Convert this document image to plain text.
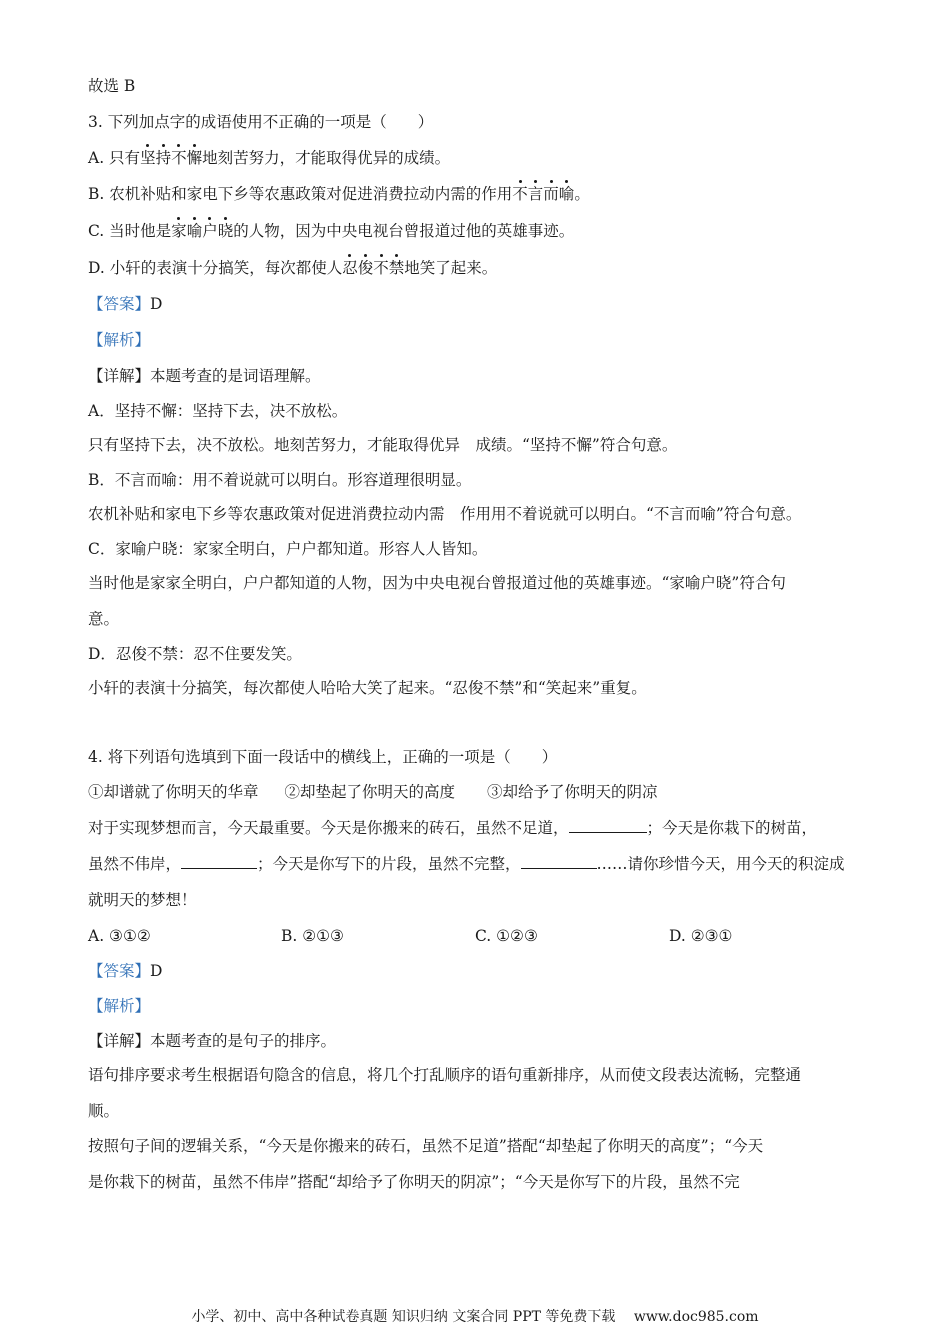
故选 B
3. 下列加点字的成语使用不正确的一项是（　　）
A. 只有坚持不懈地刻苦努力，才能取得优异的成绩。
B. 农机补贴和家电下乡等农惠政策对促进消费拉动内需的作用不言而喻。
C. 当时他是家喻户晓的人物，因为中央电视台曾报道过他的英雄事迹。
D. 小轩的表演十分搞笑，每次都使人忍俊不禁地笑了起来。
【答案】D
【解析】
【详解】本题考查的是词语理解。
A．坚持不懈：坚持下去，决不放松。
只有坚持下去，决不放松。地刻苦努力，才能取得优异　成绩。“坚持不懈”符合句意。
B．不言而喻：用不着说就可以明白。形容道理很明显。
农机补贴和家电下乡等农惠政策对促进消费拉动内需　作用用不着说就可以明白。“不言而喻”符合句意。
C．家喻户晓：家家全明白，户户都知道。形容人人皆知。
当时他是家家全明白，户户都知道的人物，因为中央电视台曾报道过他的英雄事迹。“家喻户晓”符合句
意。
D．忍俊不禁：忍不住要发笑。
小轩的表演十分搞笑，每次都使人哈哈大笑了起来。“忍俊不禁”和“笑起来”重复。
4. 将下列语句选填到下面一段话中的横线上，正确的一项是（　　）
①却谱就了你明天的华章 ②却垫起了你明天的高度 ③却给予了你明天的阴凉
对于实现梦想而言，今天最重要。今天是你搬来的砖石，虽然不足道，	；今天是你栽下的树苗，
虽然不伟岸，	；今天是你写下的片段，虽然不完整，	……请你珍惜今天，用今天的积淀成
就明天的梦想！
A. ③①②	B. ②①③	C. ①②③	D. ②③①
【答案】D
【解析】
【详解】本题考查的是句子的排序。
语句排序要求考生根据语句隐含的信息，将几个打乱顺序的语句重新排序，从而使文段表达流畅，完整通
顺。
按照句子间的逻辑关系，“今天是你搬来的砖石，虽然不足道”搭配“却垫起了你明天的高度”；“今天
是你栽下的树苗，虽然不伟岸”搭配“却给予了你明天的阴凉”；“今天是你写下的片段，虽然不完
小学、初中、高中各种试卷真题 知识归纳 文案合同 PPT 等免费下载　 www.doc985.com
